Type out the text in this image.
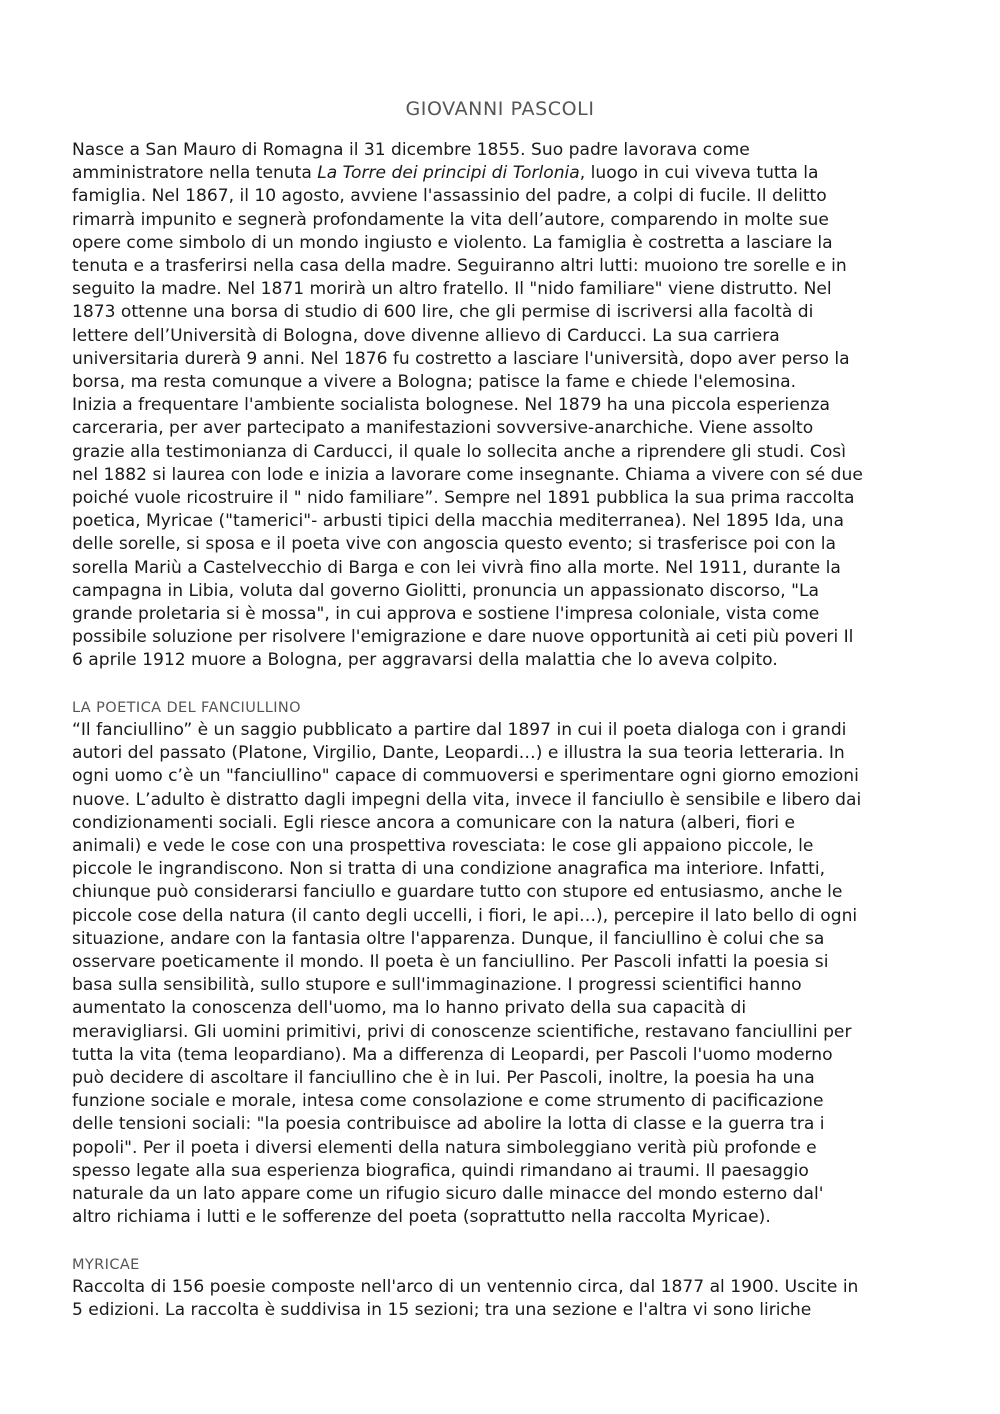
GIOVANNI PASCOLI
Nasce a San Mauro di Romagna il 31 dicembre 1855. Suo padre lavorava come
amministratore nella tenuta La Torre dei principi di Torlonia, luogo in cui viveva tutta la
famiglia. Nel 1867, il 10 agosto, avviene l'assassinio del padre, a colpi di fucile. Il delitto
rimarrà impunito e segnerà profondamente la vita dell’autore, comparendo in molte sue
opere come simbolo di un mondo ingiusto e violento. La famiglia è costretta a lasciare la
tenuta e a trasferirsi nella casa della madre. Seguiranno altri lutti: muoiono tre sorelle e in
seguito la madre. Nel 1871 morirà un altro fratello. Il "nido familiare" viene distrutto. Nel
1873 ottenne una borsa di studio di 600 lire, che gli permise di iscriversi alla facoltà di
lettere dell’Università di Bologna, dove divenne allievo di Carducci. La sua carriera
universitaria durerà 9 anni. Nel 1876 fu costretto a lasciare l'università, dopo aver perso la
borsa, ma resta comunque a vivere a Bologna; patisce la fame e chiede l'elemosina.
Inizia a frequentare l'ambiente socialista bolognese. Nel 1879 ha una piccola esperienza
carceraria, per aver partecipato a manifestazioni sovversive-anarchiche. Viene assolto
grazie alla testimonianza di Carducci, il quale lo sollecita anche a riprendere gli studi. Così
nel 1882 si laurea con lode e inizia a lavorare come insegnante. Chiama a vivere con sé due
poiché vuole ricostruire il " nido familiare”. Sempre nel 1891 pubblica la sua prima raccolta
poetica, Myricae ("tamerici"- arbusti tipici della macchia mediterranea). Nel 1895 Ida, una
delle sorelle, si sposa e il poeta vive con angoscia questo evento; si trasferisce poi con la
sorella Mariù a Castelvecchio di Barga e con lei vivrà fino alla morte. Nel 1911, durante la
campagna in Libia, voluta dal governo Giolitti, pronuncia un appassionato discorso, "La
grande proletaria si è mossa", in cui approva e sostiene l'impresa coloniale, vista come
possibile soluzione per risolvere l'emigrazione e dare nuove opportunità ai ceti più poveri Il
6 aprile 1912 muore a Bologna, per aggravarsi della malattia che lo aveva colpito.
LA POETICA DEL FANCIULLINO
“Il fanciullino” è un saggio pubblicato a partire dal 1897 in cui il poeta dialoga con i grandi
autori del passato (Platone, Virgilio, Dante, Leopardi…) e illustra la sua teoria letteraria. In
ogni uomo c’è un "fanciullino" capace di commuoversi e sperimentare ogni giorno emozioni
nuove. L’adulto è distratto dagli impegni della vita, invece il fanciullo è sensibile e libero dai
condizionamenti sociali. Egli riesce ancora a comunicare con la natura (alberi, fiori e
animali) e vede le cose con una prospettiva rovesciata: le cose gli appaiono piccole, le
piccole le ingrandiscono. Non si tratta di una condizione anagrafica ma interiore. Infatti,
chiunque può considerarsi fanciullo e guardare tutto con stupore ed entusiasmo, anche le
piccole cose della natura (il canto degli uccelli, i fiori, le api…), percepire il lato bello di ogni
situazione, andare con la fantasia oltre l'apparenza. Dunque, il fanciullino è colui che sa
osservare poeticamente il mondo. Il poeta è un fanciullino. Per Pascoli infatti la poesia si
basa sulla sensibilità, sullo stupore e sull'immaginazione. I progressi scientifici hanno
aumentato la conoscenza dell'uomo, ma lo hanno privato della sua capacità di
meravigliarsi. Gli uomini primitivi, privi di conoscenze scientifiche, restavano fanciullini per
tutta la vita (tema leopardiano). Ma a differenza di Leopardi, per Pascoli l'uomo moderno
può decidere di ascoltare il fanciullino che è in lui. Per Pascoli, inoltre, la poesia ha una
funzione sociale e morale, intesa come consolazione e come strumento di pacificazione
delle tensioni sociali: "la poesia contribuisce ad abolire la lotta di classe e la guerra tra i
popoli". Per il poeta i diversi elementi della natura simboleggiano verità più profonde e
spesso legate alla sua esperienza biografica, quindi rimandano ai traumi. Il paesaggio
naturale da un lato appare come un rifugio sicuro dalle minacce del mondo esterno dal'
altro richiama i lutti e le sofferenze del poeta (soprattutto nella raccolta Myricae).
MYRICAE
Raccolta di 156 poesie composte nell'arco di un ventennio circa, dal 1877 al 1900. Uscite in
5 edizioni. La raccolta è suddivisa in 15 sezioni; tra una sezione e l'altra vi sono liriche
